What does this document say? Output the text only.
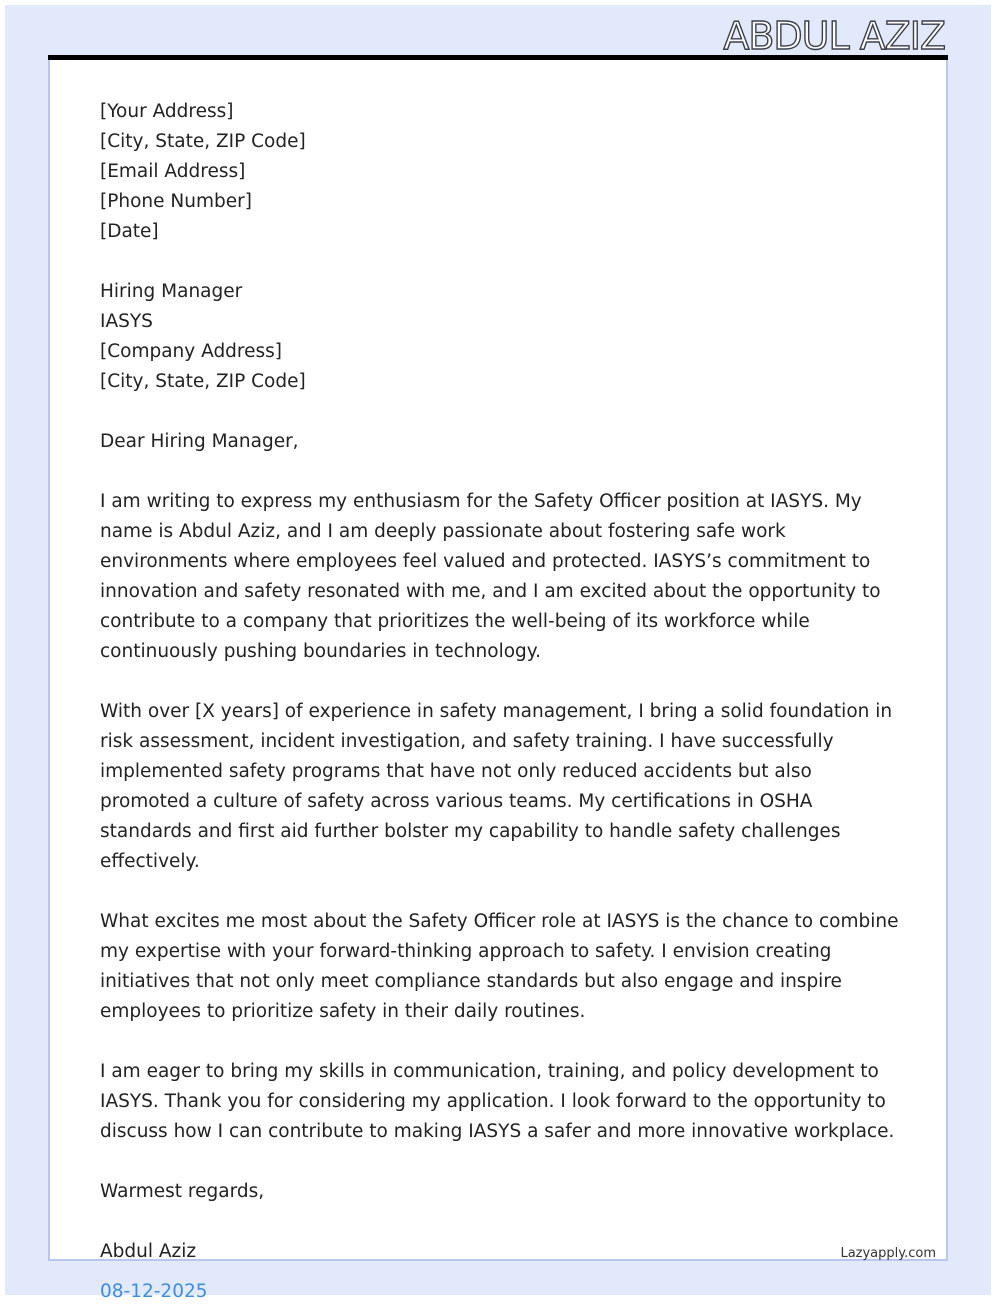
ABDUL AZIZ

[Your Address]
[City, State, ZIP Code]
[Email Address]
[Phone Number]
[Date]

Hiring Manager
IASYS
[Company Address]
[City, State, ZIP Code]

Dear Hiring Manager,

I am writing to express my enthusiasm for the Safety Officer position at IASYS. My name is Abdul Aziz, and I am deeply passionate about fostering safe work environments where employees feel valued and protected. IASYS’s commitment to innovation and safety resonated with me, and I am excited about the opportunity to contribute to a company that prioritizes the well-being of its workforce while continuously pushing boundaries in technology.

With over [X years] of experience in safety management, I bring a solid foundation in risk assessment, incident investigation, and safety training. I have successfully implemented safety programs that have not only reduced accidents but also promoted a culture of safety across various teams. My certifications in OSHA standards and first aid further bolster my capability to handle safety challenges effectively.

What excites me most about the Safety Officer role at IASYS is the chance to combine my expertise with your forward-thinking approach to safety. I envision creating initiatives that not only meet compliance standards but also engage and inspire employees to prioritize safety in their daily routines.

I am eager to bring my skills in communication, training, and policy development to IASYS. Thank you for considering my application. I look forward to the opportunity to discuss how I can contribute to making IASYS a safer and more innovative workplace.

Warmest regards,

Abdul Aziz
08-12-2025
Lazyapply.com
